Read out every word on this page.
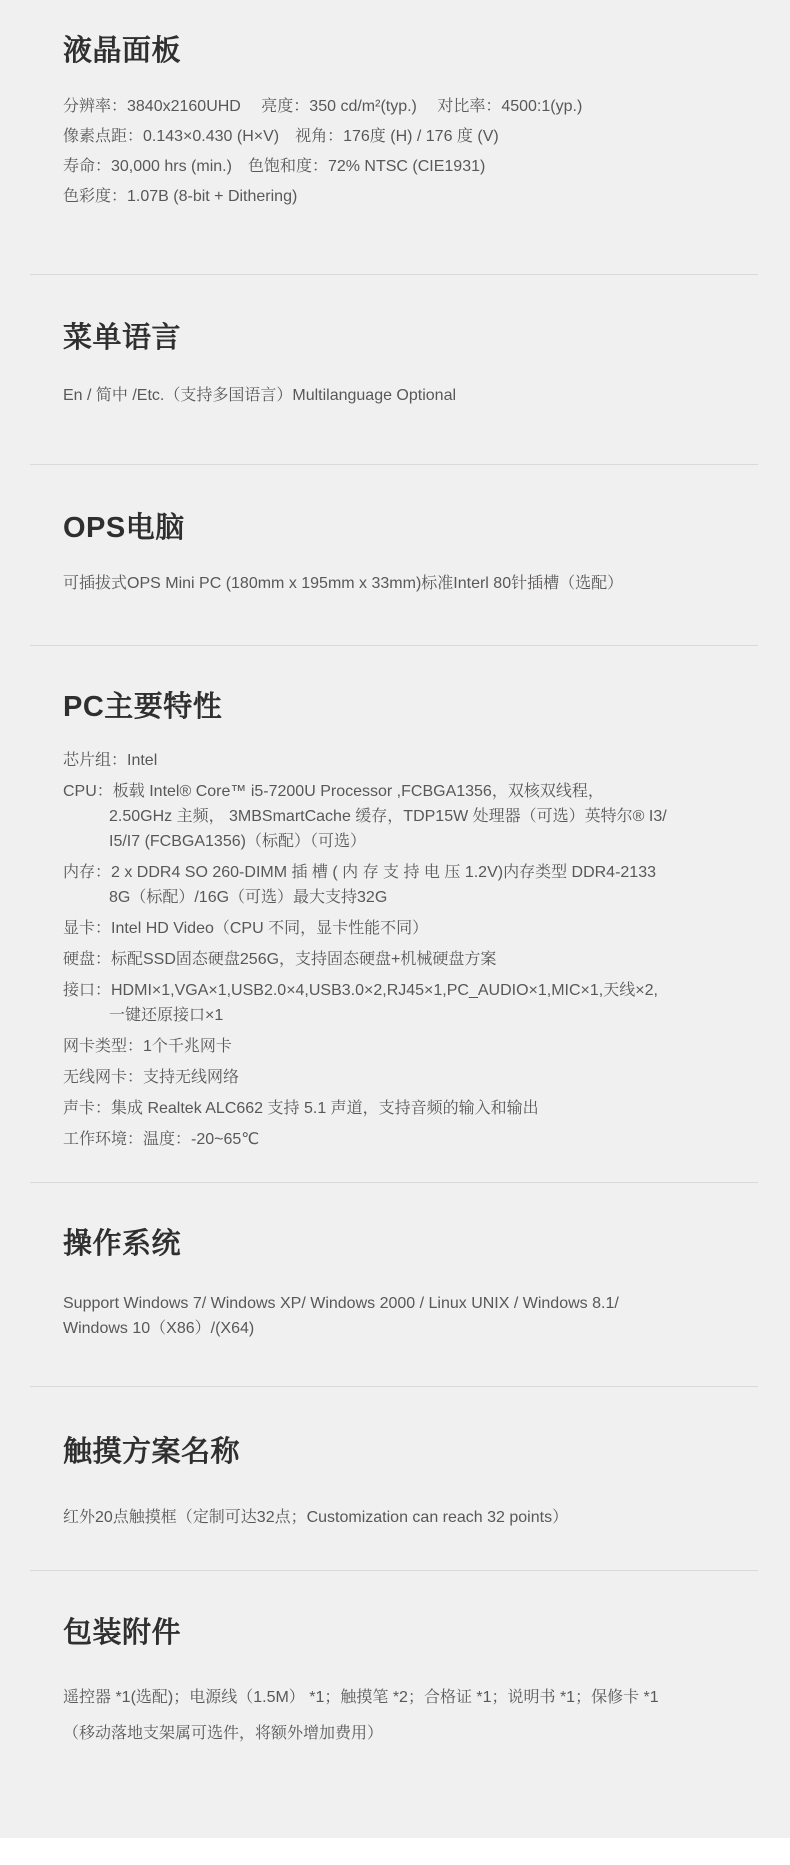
液晶面板
分辨率：3840x2160UHD　 亮度：350 cd/m²(typ.)　 对比率：4500:1(yp.)
像素点距：0.143×0.430 (H×V)　视角：176度 (H) / 176 度 (V)
寿命：30,000 hrs (min.)　色饱和度：72% NTSC (CIE1931)
色彩度：1.07B (8-bit + Dithering)
菜单语言
En / 简中 /Etc.（支持多国语言）Multilanguage Optional
OPS电脑
可插拔式OPS Mini PC (180mm x 195mm x 33mm)标准Interl 80针插槽（选配）
PC主要特性
芯片组：Intel
CPU：板载 Intel® Core™ i5-7200U Processor ,FCBGA1356，双核双线程，
2.50GHz 主频， 3MBSmartCache 缓存，TDP15W 处理器（可选）英特尔® I3/
I5/I7 (FCBGA1356)（标配）（可选）
内存：2 x DDR4 SO 260-DIMM 插 槽 ( 内 存 支 持 电 压 1.2V)内存类型 DDR4-2133
8G（标配）/16G（可选）最大支持32G
显卡：Intel HD Video（CPU 不同，显卡性能不同）
硬盘：标配SSD固态硬盘256G，支持固态硬盘+机械硬盘方案
接口：HDMI×1,VGA×1,USB2.0×4,USB3.0×2,RJ45×1,PC_AUDIO×1,MIC×1,天线×2,
一键还原接口×1
网卡类型：1个千兆网卡
无线网卡：支持无线网络
声卡：集成 Realtek ALC662 支持 5.1 声道，支持音频的输入和输出
工作环境：温度：-20~65℃
操作系统
Support Windows 7/ Windows XP/ Windows 2000 / Linux UNIX / Windows 8.1/
Windows 10（X86）/(X64)
触摸方案名称
红外20点触摸框（定制可达32点；Customization can reach 32 points）
包装附件
遥控器 *1(选配)；电源线（1.5M） *1；触摸笔 *2；合格证 *1；说明书 *1；保修卡 *1
（移动落地支架属可选件，将额外增加费用）
